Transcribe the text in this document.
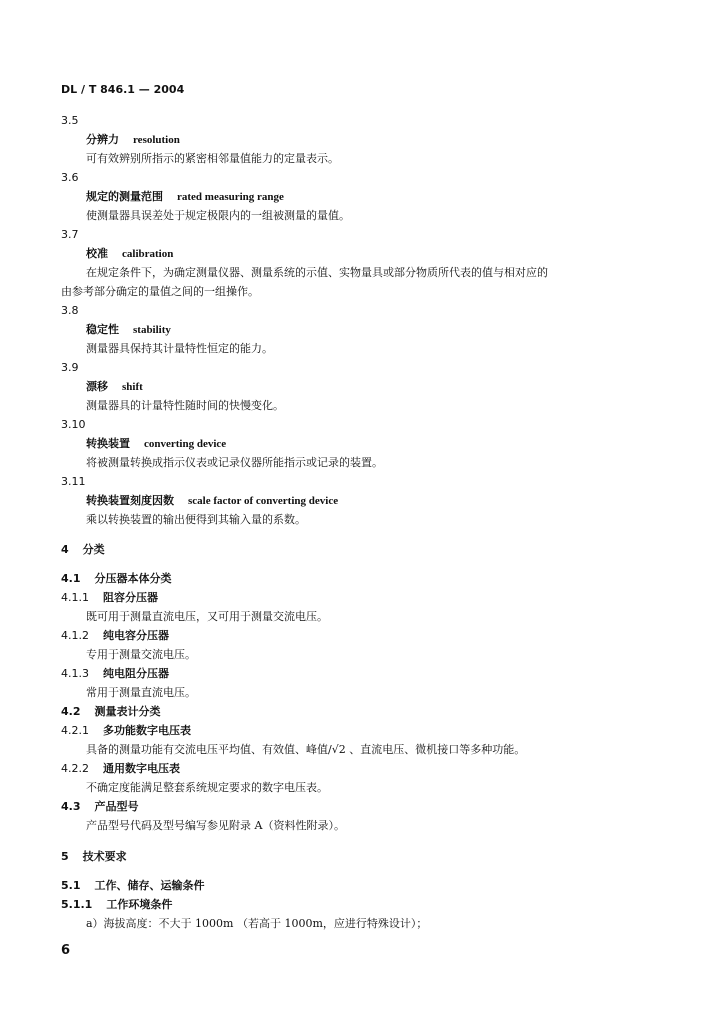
DL / T 846.1 — 2004
3.5
分辨力 resolution
可有效辨别所指示的紧密相邻量值能力的定量表示。
3.6
规定的测量范围 rated measuring range
使测量器具误差处于规定极限内的一组被测量的量值。
3.7
校准 calibration
在规定条件下，为确定测量仪器、测量系统的示值、实物量具或部分物质所代表的值与相对应的
由参考部分确定的量值之间的一组操作。
3.8
稳定性 stability
测量器具保持其计量特性恒定的能力。
3.9
漂移 shift
测量器具的计量特性随时间的快慢变化。
3.10
转换装置 converting device
将被测量转换成指示仪表或记录仪器所能指示或记录的装置。
3.11
转换装置刻度因数 scale factor of converting device
乘以转换装置的输出便得到其输入量的系数。
4 分类
4.1 分压器本体分类
4.1.1 阻容分压器
既可用于测量直流电压，又可用于测量交流电压。
4.1.2 纯电容分压器
专用于测量交流电压。
4.1.3 纯电阻分压器
常用于测量直流电压。
4.2 测量表计分类
4.2.1 多功能数字电压表
具备的测量功能有交流电压平均值、有效值、峰值/√2 、直流电压、微机接口等多种功能。
4.2.2 通用数字电压表
不确定度能满足整套系统规定要求的数字电压表。
4.3 产品型号
产品型号代码及型号编写参见附录 A（资料性附录）。
5 技术要求
5.1 工作、储存、运输条件
5.1.1 工作环境条件
a）海拔高度：不大于 1000m （若高于 1000m，应进行特殊设计）；
6
